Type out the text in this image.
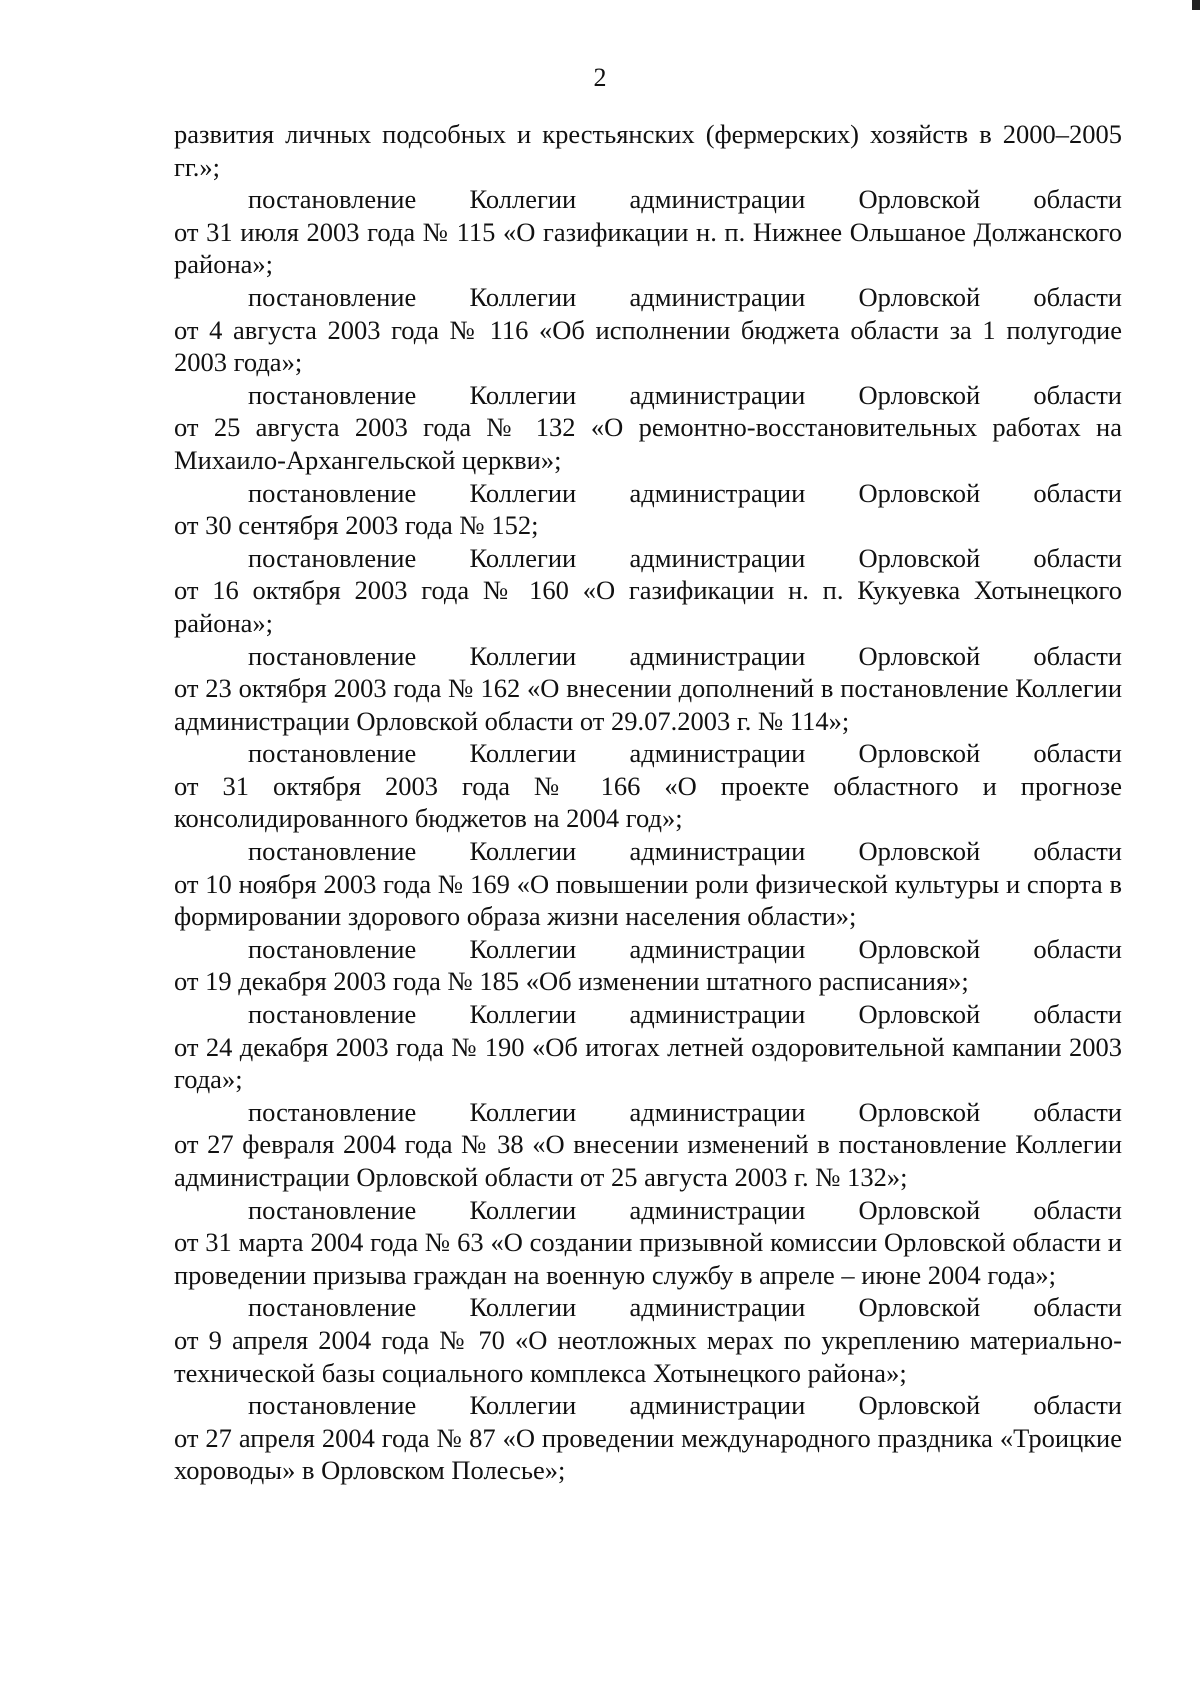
2

развития личных подсобных и крестьянских (фермерских) хозяйств в 2000–2005 гг.»;

постановление Коллегии администрации Орловской области
от 31 июля 2003 года № 115 «О газификации н. п. Нижнее Ольшаное Должанского района»;

постановление Коллегии администрации Орловской области
от 4 августа 2003 года № 116 «Об исполнении бюджета области за 1 полугодие 2003 года»;

постановление Коллегии администрации Орловской области
от 25 августа 2003 года № 132 «О ремонтно-восстановительных работах на Михаило-Архангельской церкви»;

постановление Коллегии администрации Орловской области
от 30 сентября 2003 года № 152;

постановление Коллегии администрации Орловской области
от 16 октября 2003 года № 160 «О газификации н. п. Кукуевка Хотынецкого района»;

постановление Коллегии администрации Орловской области
от 23 октября 2003 года № 162 «О внесении дополнений в постановление Коллегии администрации Орловской области от 29.07.2003 г. № 114»;

постановление Коллегии администрации Орловской области
от 31 октября 2003 года № 166 «О проекте областного и прогнозе консолидированного бюджетов на 2004 год»;

постановление Коллегии администрации Орловской области
от 10 ноября 2003 года № 169 «О повышении роли физической культуры и спорта в формировании здорового образа жизни населения области»;

постановление Коллегии администрации Орловской области
от 19 декабря 2003 года № 185 «Об изменении штатного расписания»;

постановление Коллегии администрации Орловской области
от 24 декабря 2003 года № 190 «Об итогах летней оздоровительной кампании 2003 года»;

постановление Коллегии администрации Орловской области
от 27 февраля 2004 года № 38 «О внесении изменений в постановление Коллегии администрации Орловской области от 25 августа 2003 г. № 132»;

постановление Коллегии администрации Орловской области
от 31 марта 2004 года № 63 «О создании призывной комиссии Орловской области и проведении призыва граждан на военную службу в апреле – июне 2004 года»;

постановление Коллегии администрации Орловской области
от 9 апреля 2004 года № 70 «О неотложных мерах по укреплению материально-технической базы социального комплекса Хотынецкого района»;

постановление Коллегии администрации Орловской области
от 27 апреля 2004 года № 87 «О проведении международного праздника «Троицкие хороводы» в Орловском Полесье»;
